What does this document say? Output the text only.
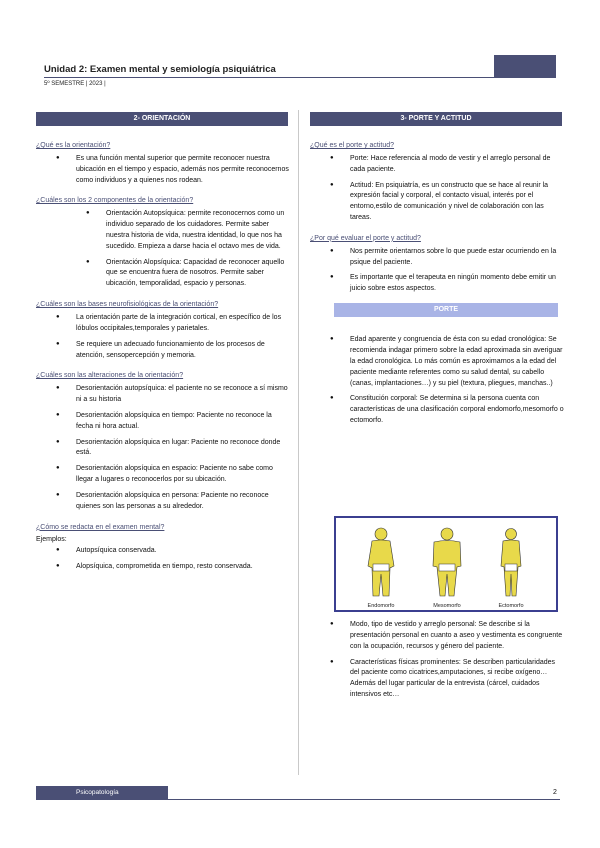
Unidad 2: Examen mental y semiología psiquiátrica
5º SEMESTRE | 2023 |
2- ORIENTACIÓN
¿Qué es la orientación?
● Es una función mental superior que permite reconocer nuestra ubicación en el tiempo y espacio, además nos permite reconocernos como individuos y a quienes nos rodean.
¿Cuáles son los 2 componentes de la orientación?
● Orientación Autopsíquica: permite reconocernos como un individuo separado de los cuidadores. Permite saber nuestra historia de vida, nuestra identidad, lo que nos ha sucedido. Empieza a darse hacia el octavo mes de vida.
● Orientación Alopsíquica: Capacidad de reconocer aquello que se encuentra fuera de nosotros. Permite saber ubicación, temporalidad, espacio y personas.
¿Cuáles son las bases neurofisiológicas de la orientación?
● La orientación parte de la integración cortical, en específico de los lóbulos occipitales,temporales y parietales.
● Se requiere un adecuado funcionamiento de los procesos de atención, sensopercepción y memoria.
¿Cuáles son las alteraciones de la orientación?
● Desorientación autopsíquica: el paciente no se reconoce a sí mismo ni a su historia
● Desorientación alopsíquica en tiempo: Paciente no reconoce la fecha ni hora actual.
● Desorientación alopsíquica en lugar: Paciente no reconoce donde está.
● Desorientación alopsíquica en espacio: Paciente no sabe como llegar a lugares o reconocerlos por su ubicación.
● Desorientación alopsíquica en persona: Paciente no reconoce quienes son las personas a su alrededor.
¿Cómo se redacta en el examen mental?
Ejemplos:
● Autopsíquica conservada.
● Alopsíquica, comprometida en tiempo, resto conservada.
3- PORTE Y ACTITUD
¿Qué es el porte y actitud?
● Porte: Hace referencia al modo de vestir y el arreglo personal de cada paciente.
● Actitud: En psiquiatría, es un constructo que se hace al reunir la expresión facial y corporal, el contacto visual, interés por el entorno,estilo de comunicación y nivel de colaboración con las tareas.
¿Por qué evaluar el porte y actitud?
● Nos permite orientarnos sobre lo que puede estar ocurriendo en la psique del paciente.
● Es importante que el terapeuta en ningún momento debe emitir un juicio sobre estos aspectos.
PORTE
● Edad aparente y congruencia de ésta con su edad cronológica: Se recomienda indagar primero sobre la edad aproximada sin averiguar la edad cronológica. Lo más común es aproximarnos a la edad del paciente mediante referentes como su salud dental, su cabello (canas, implantaciones…) y su piel (textura, pliegues, manchas..)
● Constitución corporal: Se determina si la persona cuenta con características de una clasificación corporal endomorfo,mesomorfo o ectomorfo.
Endomorfo	Mesomorfo	Ectomorfo
● Modo, tipo de vestido y arreglo personal: Se describe si la presentación personal en cuanto a aseo y vestimenta es congruente con la ocupación, recursos y género del paciente.
● Características físicas prominentes: Se describen particularidades del paciente como cicatrices,amputaciones, si recibe oxígeno… Además del lugar particular de la entrevista (cárcel, cuidados intensivos etc…
Psicopatología	2
